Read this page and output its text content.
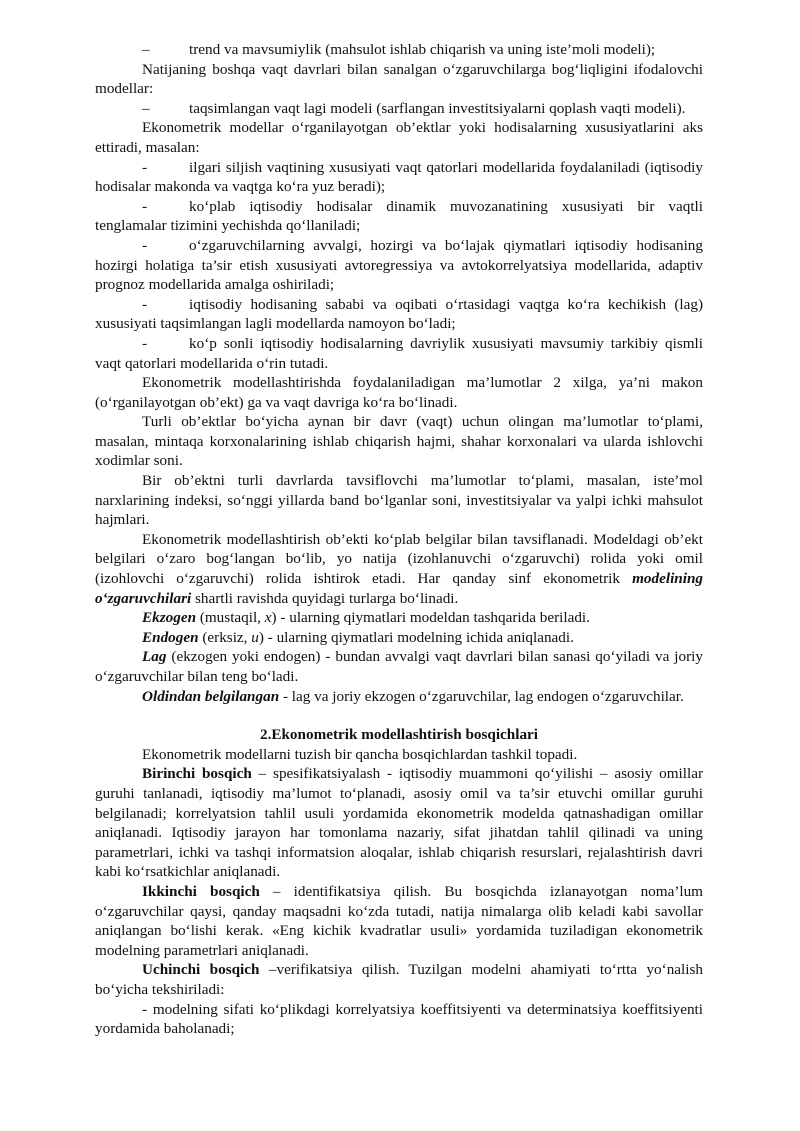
–	trend va mavsumiylik (mahsulot ishlab chiqarish va uning iste’moli modeli);

Natijaning boshqa vaqt davrlari bilan sanalgan o‘zgaruvchilarga bog‘liqligini ifodalovchi modellar:

–	taqsimlangan vaqt lagi modeli (sarflangan investitsiyalarni qoplash vaqti modeli).

Ekonometrik modellar o‘rganilayotgan ob’ektlar yoki hodisalarning xususiyatlarini aks ettiradi, masalan:

-	ilgari siljish vaqtining xususiyati vaqt qatorlari modellarida foydalaniladi (iqtisodiy hodisalar makonda va vaqtga ko‘ra yuz beradi);

-	ko‘plab iqtisodiy hodisalar dinamik muvozanatining xususiyati bir vaqtli tenglamalar tizimini yechishda qo‘llaniladi;

-	o‘zgaruvchilarning avvalgi, hozirgi va bo‘lajak qiymatlari iqtisodiy hodisaning hozirgi holatiga ta’sir etish xususiyati avtoregressiya va avtokorrelyatsiya modellarida, adaptiv prognoz modellarida amalga oshiriladi;

-	iqtisodiy hodisaning sababi va oqibati o‘rtasidagi vaqtga ko‘ra kechikish (lag) xususiyati taqsimlangan lagli modellarda namoyon bo‘ladi;

-	ko‘p sonli iqtisodiy hodisalarning davriylik xususiyati mavsumiy tarkibiy qismli vaqt qatorlari modellarida o‘rin tutadi.

Ekonometrik modellashtirishda foydalaniladigan ma’lumotlar 2 xilga, ya’ni makon (o‘rganilayotgan ob’ekt) ga va vaqt davriga ko‘ra bo‘linadi.

Turli ob’ektlar bo‘yicha aynan bir davr (vaqt) uchun olingan ma’lumotlar to‘plami, masalan, mintaqa korxonalarining ishlab chiqarish hajmi, shahar korxonalari va ularda ishlovchi xodimlar soni.

Bir ob’ektni turli davrlarda tavsiflovchi ma’lumotlar to‘plami, masalan, iste’mol narxlarining indeksi, so‘nggi yillarda band bo‘lganlar soni, investitsiyalar va yalpi ichki mahsulot hajmlari.

Ekonometrik modellashtirish ob’ekti ko‘plab belgilar bilan tavsiflanadi. Modeldagi ob’ekt belgilari o‘zaro bog‘langan bo‘lib, yo natija (izohlanuvchi o‘zgaruvchi) rolida yoki omil (izohlovchi o‘zgaruvchi) rolida ishtirok etadi. Har qanday sinf ekonometrik modelining o‘zgaruvchilari shartli ravishda quyidagi turlarga bo‘linadi.

Ekzogen (mustaqil, x) - ularning qiymatlari modeldan tashqarida beriladi.

Endogen (erksiz, u) - ularning qiymatlari modelning ichida aniqlanadi.

Lag (ekzogen yoki endogen) - bundan avvalgi vaqt davrlari bilan sanasi qo‘yiladi va joriy o‘zgaruvchilar bilan teng bo‘ladi.

Oldindan belgilangan - lag va joriy ekzogen o‘zgaruvchilar, lag endogen o‘zgaruvchilar.

2.Ekonometrik modellashtirish bosqichlari

Ekonometrik modellarni tuzish bir qancha bosqichlardan tashkil topadi.

Birinchi bosqich – spesifikatsiyalash - iqtisodiy muammoni qo‘yilishi – asosiy omillar guruhi tanlanadi, iqtisodiy ma’lumot to‘planadi, asosiy omil va ta’sir etuvchi omillar guruhi belgilanadi; korrelyatsion tahlil usuli yordamida ekonometrik modelda qatnashadigan omillar aniqlanadi. Iqtisodiy jarayon har tomonlama nazariy, sifat jihatdan tahlil qilinadi va uning parametrlari, ichki va tashqi informatsion aloqalar, ishlab chiqarish resurslari, rejalashtirish davri kabi ko‘rsatkichlar aniqlanadi.

Ikkinchi bosqich – identifikatsiya qilish. Bu bosqichda izlanayotgan noma’lum o‘zgaruvchilar qaysi, qanday maqsadni ko‘zda tutadi, natija nimalarga olib keladi kabi savollar aniqlangan bo‘lishi kerak. «Eng kichik kvadratlar usuli» yordamida tuziladigan ekonometrik modelning parametrlari aniqlanadi.

Uchinchi bosqich –verifikatsiya qilish. Tuzilgan modelni ahamiyati to‘rtta yo‘nalish bo‘yicha tekshiriladi:

- modelning sifati ko‘plikdagi korrelyatsiya koeffitsiyenti va determinatsiya koeffitsiyenti yordamida baholanadi;
